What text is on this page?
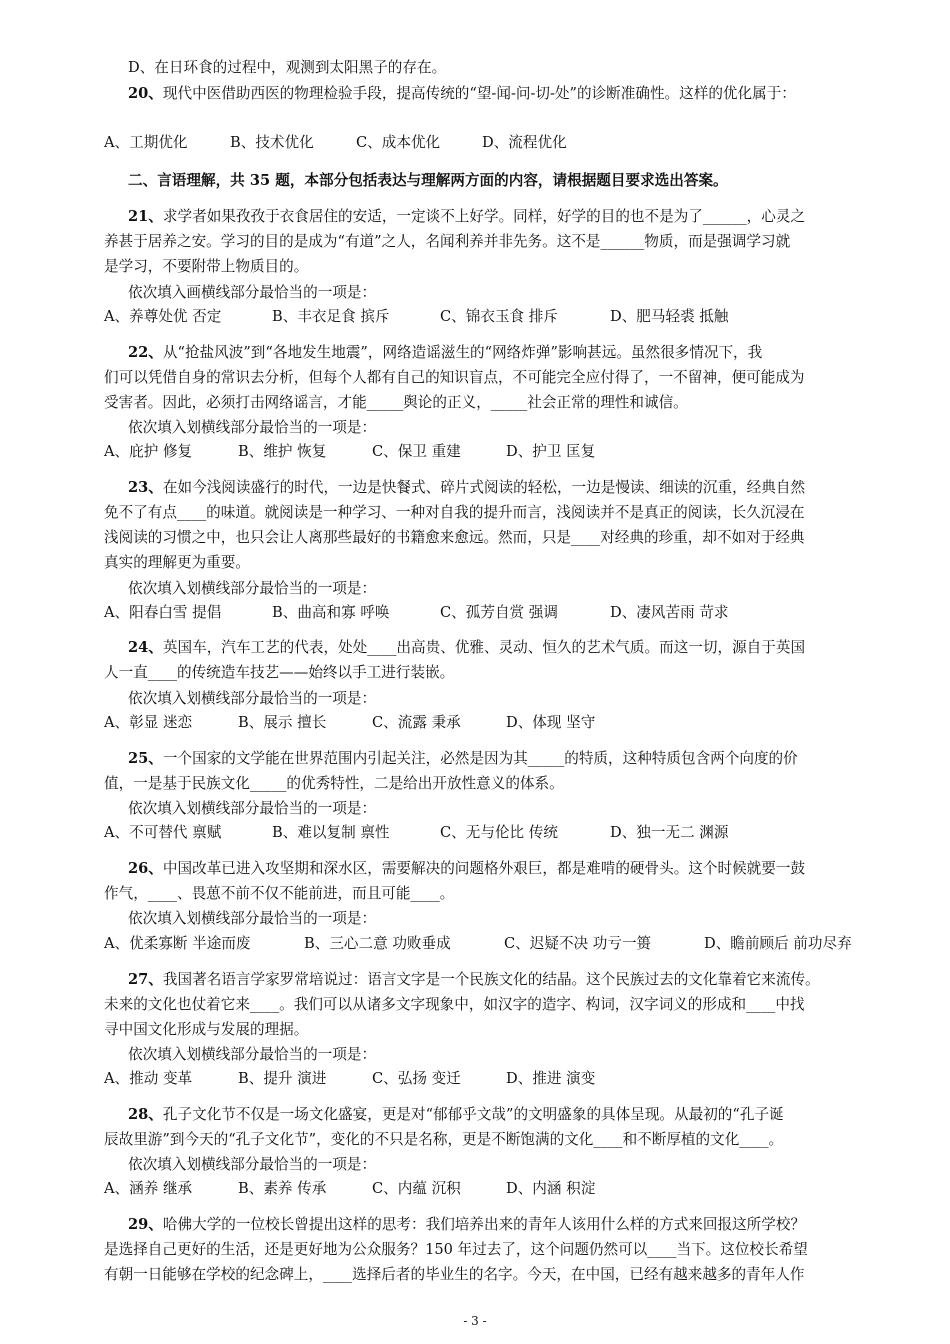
D、在日环食的过程中，观测到太阳黑子的存在。
20、现代中医借助西医的物理检验手段，提高传统的“望-闻-问-切-处”的诊断准确性。这样的优化属于：
二、言语理解，共 35 题，本部分包括表达与理解两方面的内容，请根据题目要求选出答案。
21、求学者如果孜孜于衣食居住的安适，一定谈不上好学。同样，好学的目的也不是为了______，心灵之
养甚于居养之安。学习的目的是成为“有道”之人，名闻利养并非先务。这不是______物质，而是强调学习就
是学习，不要附带上物质目的。
依次填入画横线部分最恰当的一项是：
22、从“抢盐风波”到“各地发生地震”，网络造谣滋生的“网络炸弹”影响甚远。虽然很多情况下，我
们可以凭借自身的常识去分析，但每个人都有自己的知识盲点，不可能完全应付得了，一不留神，便可能成为
受害者。因此，必须打击网络谣言，才能_____舆论的正义，_____社会正常的理性和诚信。
依次填入划横线部分最恰当的一项是：
23、在如今浅阅读盛行的时代，一边是快餐式、碎片式阅读的轻松，一边是慢读、细读的沉重，经典自然
免不了有点____的味道。就阅读是一种学习、一种对自我的提升而言，浅阅读并不是真正的阅读，长久沉浸在
浅阅读的习惯之中，也只会让人离那些最好的书籍愈来愈远。然而，只是____对经典的珍重，却不如对于经典
真实的理解更为重要。
依次填入划横线部分最恰当的一项是：
24、英国车，汽车工艺的代表，处处____出高贵、优雅、灵动、恒久的艺术气质。而这一切，源自于英国
人一直____的传统造车技艺——始终以手工进行装嵌。
依次填入划横线部分最恰当的一项是：
25、一个国家的文学能在世界范围内引起关注，必然是因为其_____的特质，这种特质包含两个向度的价
值，一是基于民族文化_____的优秀特性，二是给出开放性意义的体系。
依次填入划横线部分最恰当的一项是：
26、中国改革已进入攻坚期和深水区，需要解决的问题格外艰巨，都是难啃的硬骨头。这个时候就要一鼓
作气，____、畏葸不前不仅不能前进，而且可能____。
依次填入划横线部分最恰当的一项是：
27、我国著名语言学家罗常培说过：语言文字是一个民族文化的结晶。这个民族过去的文化靠着它来流传。
未来的文化也仗着它来____。我们可以从诸多文字现象中，如汉字的造字、构词，汉字词义的形成和____中找
寻中国文化形成与发展的理据。
依次填入划横线部分最恰当的一项是：
28、孔子文化节不仅是一场文化盛宴，更是对“郁郁乎文哉”的文明盛象的具体呈现。从最初的“孔子诞
辰故里游”到今天的“孔子文化节”，变化的不只是名称，更是不断饱满的文化____和不断厚植的文化____。
依次填入划横线部分最恰当的一项是：
29、哈佛大学的一位校长曾提出这样的思考：我们培养出来的青年人该用什么样的方式来回报这所学校？
是选择自己更好的生活，还是更好地为公众服务？150 年过去了，这个问题仍然可以____当下。这位校长希望
有朝一日能够在学校的纪念碑上，____选择后者的毕业生的名字。今天，在中国，已经有越来越多的青年人作
A、工期优化	B、技术优化	C、成本优化	D、流程优化
A、养尊处优 否定	B、丰衣足食 摈斥	C、锦衣玉食 排斥	D、肥马轻裘 抵触
A、庇护 修复	B、维护 恢复	C、保卫 重建	D、护卫 匡复
A、阳春白雪 提倡	B、曲高和寡 呼唤	C、孤芳自赏 强调	D、凄风苦雨 苛求
A、彰显 迷恋	B、展示 擅长	C、流露 秉承	D、体现 坚守
A、不可替代 禀赋	B、难以复制 禀性	C、无与伦比 传统	D、独一无二 渊源
A、优柔寡断 半途而废	B、三心二意 功败垂成	C、迟疑不决 功亏一篑	D、瞻前顾后 前功尽弃
A、推动 变革	B、提升 演进	C、弘扬 变迁	D、推进 演变
A、涵养 继承	B、素养 传承	C、内蕴 沉积	D、内涵 积淀
- 3 -
